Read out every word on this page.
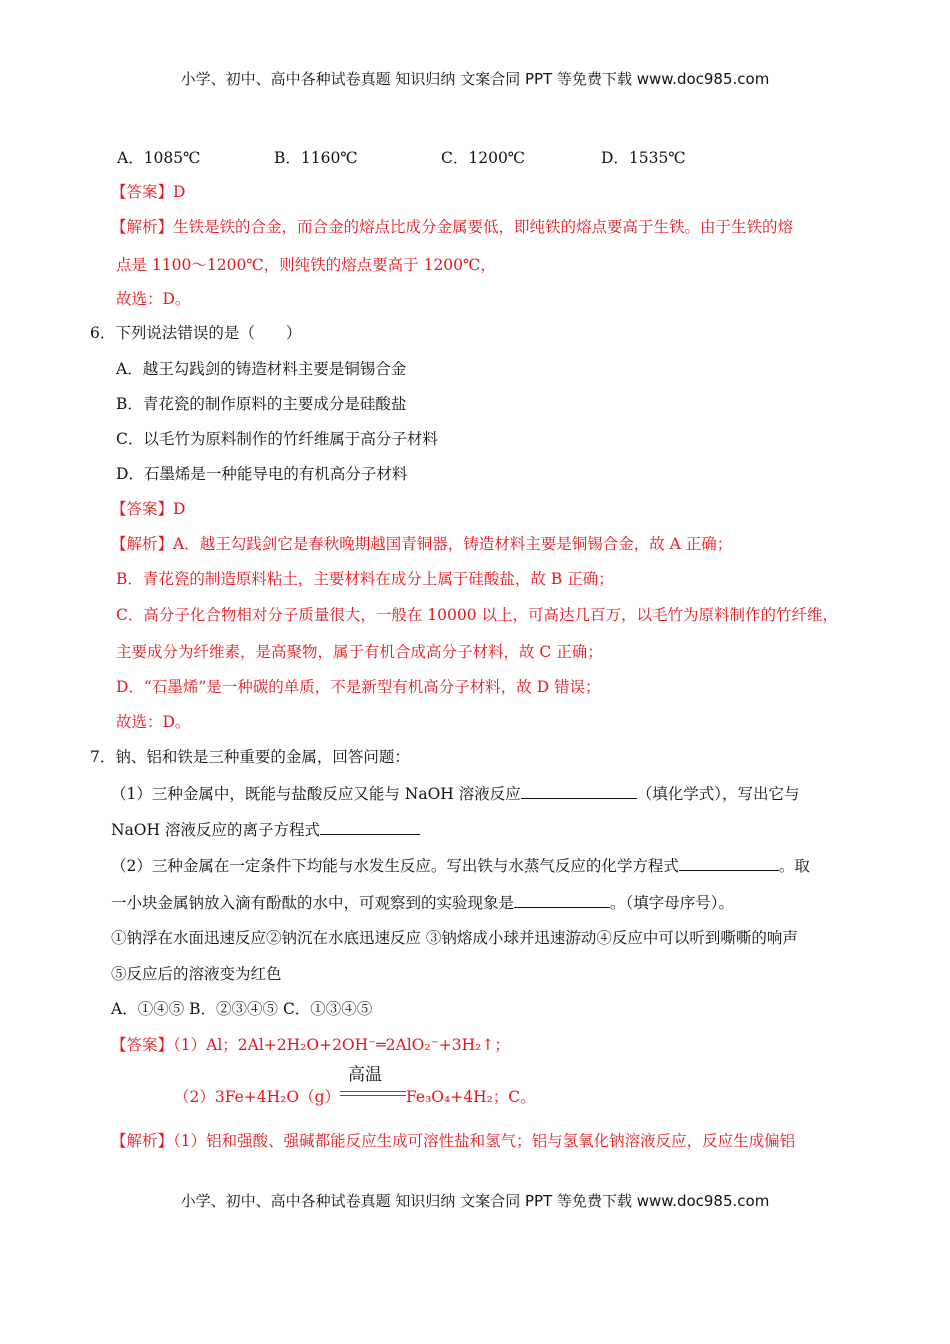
小学、初中、高中各种试卷真题 知识归纳 文案合同 PPT 等免费下载 www.doc985.com
A．1085℃	B．1160℃	C．1200℃	D．1535℃
【答案】D
【解析】生铁是铁的合金，而合金的熔点比成分金属要低，即纯铁的熔点要高于生铁。由于生铁的熔
点是 1100～1200℃，则纯铁的熔点要高于 1200℃，
故选：D。
6．下列说法错误的是（　　）
A．越王勾践剑的铸造材料主要是铜锡合金
B．青花瓷的制作原料的主要成分是硅酸盐
C．以毛竹为原料制作的竹纤维属于高分子材料
D．石墨烯是一种能导电的有机高分子材料
【答案】D
【解析】A．越王勾践剑它是春秋晚期越国青铜器，铸造材料主要是铜锡合金，故 A 正确；
B．青花瓷的制造原料粘土，主要材料在成分上属于硅酸盐，故 B 正确；
C．高分子化合物相对分子质量很大，一般在 10000 以上，可高达几百万，以毛竹为原料制作的竹纤维，
主要成分为纤维素，是高聚物，属于有机合成高分子材料，故 C 正确；
D．“石墨烯”是一种碳的单质，不是新型有机高分子材料，故 D 错误；
故选：D。
7．钠、铝和铁是三种重要的金属，回答问题：
（1）三种金属中，既能与盐酸反应又能与 NaOH 溶液反应	（填化学式），写出它与
NaOH 溶液反应的离子方程式
（2）三种金属在一定条件下均能与水发生反应。写出铁与水蒸气反应的化学方程式	。取
一小块金属钠放入滴有酚酞的水中，可观察到的实验现象是	。（填字母序号）。
①钠浮在水面迅速反应②钠沉在水底迅速反应 ③钠熔成小球并迅速游动④反应中可以听到嘶嘶的响声
⑤反应后的溶液变为红色
A．①④⑤ B．②③④⑤ C．①③④⑤
【答案】（1）Al；2Al+2H₂O+2OH⁻═2AlO₂⁻+3H₂↑；
（2）3Fe+4H₂O（g）
高温
Fe₃O₄+4H₂；C。
【解析】（1）铝和强酸、强碱都能反应生成可溶性盐和氢气；铝与氢氧化钠溶液反应，反应生成偏铝
小学、初中、高中各种试卷真题 知识归纳 文案合同 PPT 等免费下载 www.doc985.com
